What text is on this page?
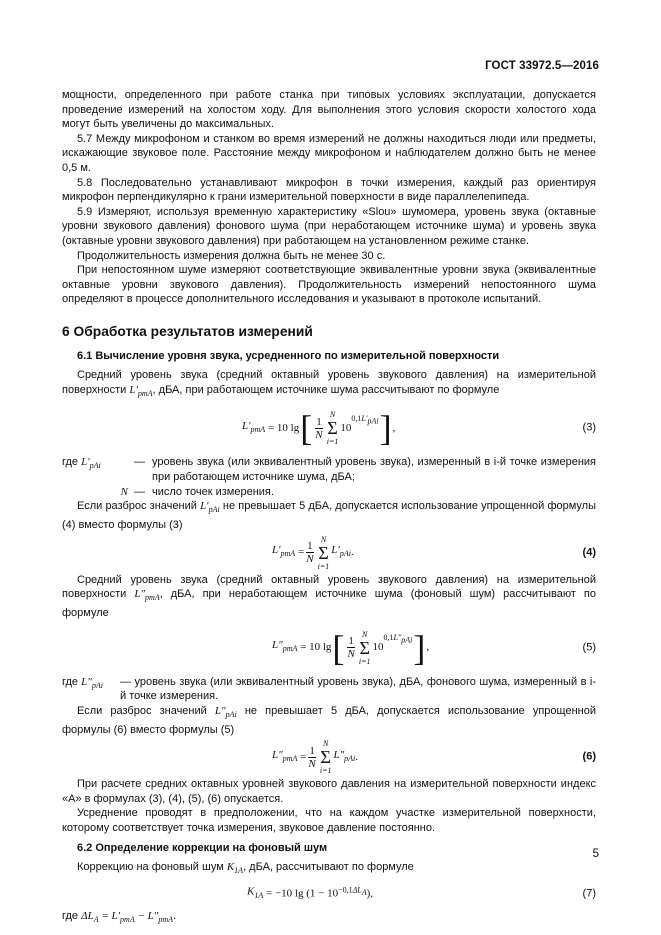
ГОСТ 33972.5—2016

мощности, определенного при работе станка при типовых условиях эксплуатации, допускается проведение измерений на холостом ходу. Для выполнения этого условия скорости холостого хода могут быть увеличены до максимальных.

5.7 Между микрофоном и станком во время измерений не должны находиться люди или предметы, искажающие звуковое поле. Расстояние между микрофоном и наблюдателем должно быть не менее 0,5 м.

5.8 Последовательно устанавливают микрофон в точки измерения, каждый раз ориентируя микрофон перпендикулярно к грани измерительной поверхности в виде параллелепипеда.

5.9 Измеряют, используя временную характеристику «Slou» шумомера, уровень звука (октавные уровни звукового давления) фонового шума (при неработающем источнике шума) и уровень звука (октавные уровни звукового давления) при работающем на установленном режиме станке.

Продолжительность измерения должна быть не менее 30 с.

При непостоянном шуме измеряют соответствующие эквивалентные уровни звука (эквивалентные октавные уровни звукового давления). Продолжительность измерений непостоянного шума определяют в процессе дополнительного исследования и указывают в протоколе испытаний.

6 Обработка результатов измерений
6.1 Вычисление уровня звука, усредненного по измерительной поверхности

Средний уровень звука (средний октавный уровень звукового давления) на измерительной поверхности $L'_{pmA}$, дБА, при работающем источнике шума рассчитывают по формуле

$L'_{pmA}$
= 10 lg [ $\frac{1}{N}$
N
Σ
i=1
10
$^{0,1L'_{pAi}}$ ] ,	(3)
где $L'_{pAi}$	— уровень звука (или эквивалентный уровень звука), измеренный в i-й точке измерения при работающем источнике шума, дБА;
N — число точек измерения.

Если разброс значений $L'_{pAi}$ не превышает 5 дБА, допускается использование упрощенной формулы (4) вместо формулы (3)

$L'_{pmA}$
= $\frac{1}{N}$
N
Σ
i=1
$L'_{pAi}$ .	(4)

Средний уровень звука (средний октавный уровень звукового давления) на измерительной поверхности $L''_{pmA}$, дБА, при неработающем источнике шума (фоновый шум) рассчитывают по формуле

$L''_{pmA}$
= 10 lg [ $\frac{1}{N}$
N
Σ
i=1
10
$^{0,1L''_{pAi}}$ ] ,	(5)
где $L''_{pAi}$	— уровень звука (или эквивалентный уровень звука), дБА, фонового шума, измеренный в i-й точке измерения.

Если разброс значений $L''_{pAi}$ не превышает 5 дБА, допускается использование упрощенной формулы (6) вместо формулы (5)

$L''_{pmA}$
= $\frac{1}{N}$
N
Σ
i=1
$L''_{pAi}$ .	(6)

При расчете средних октавных уровней звукового давления на измерительной поверхности индекс «А» в формулах (3), (4), (5), (6) опускается.

Усреднение проводят в предположении, что на каждом участке измерительной поверхности, которому соответствует точка измерения, звуковое давление постоянно.

6.2 Определение коррекции на фоновый шум

Коррекцию на фоновый шум $K_{1A}$, дБА, рассчитывают по формуле

$K_{1A}$
= −10 lg (1 − 10 $^{-0,1\Delta L_A}$ ),	(7)

где $\Delta L_A = L'_{pmA} - L''_{pmA}$.

5
